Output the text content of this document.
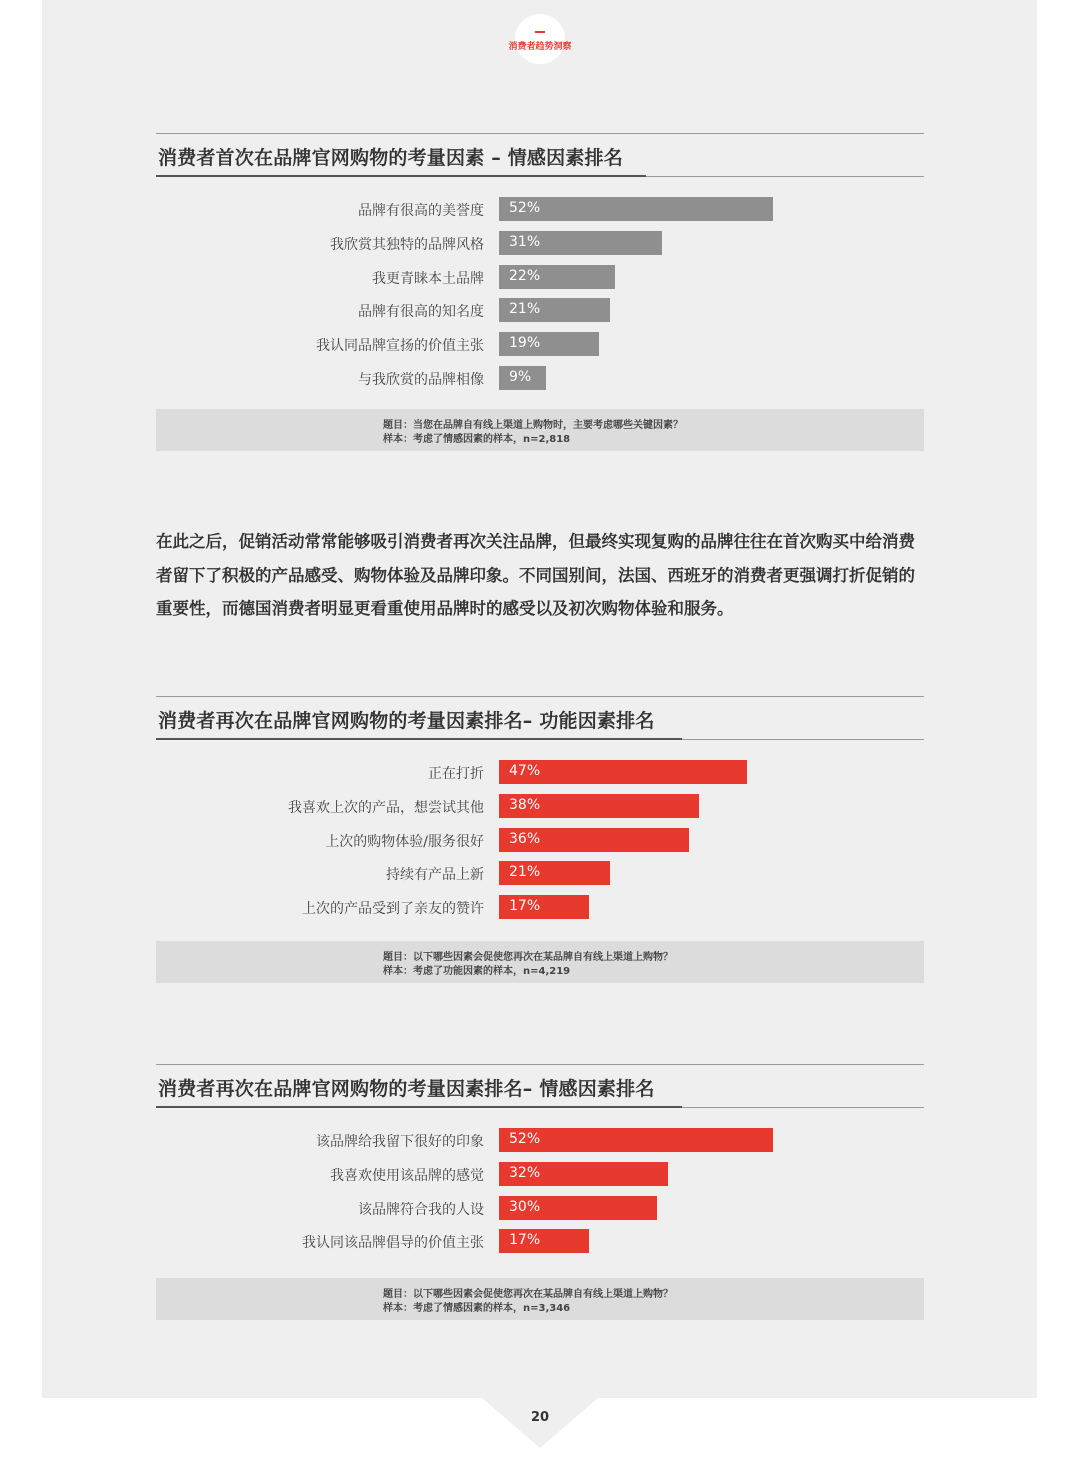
消费者趋势洞察
消费者首次在品牌官网购物的考量因素 – 情感因素排名
品牌有很高的美誉度 52%
我欣赏其独特的品牌风格 31%
我更青睐本土品牌 22%
品牌有很高的知名度 21%
我认同品牌宣扬的价值主张 19%
与我欣赏的品牌相像 9%
题目：当您在品牌自有线上渠道上购物时，主要考虑哪些关键因素？
样本：考虑了情感因素的样本，n=2,818
消费者再次在品牌官网购物的考量因素排名– 功能因素排名
正在打折 47%
我喜欢上次的产品，想尝试其他 38%
上次的购物体验/服务很好 36%
持续有产品上新 21%
上次的产品受到了亲友的赞许 17%
题目：以下哪些因素会促使您再次在某品牌自有线上渠道上购物？
样本：考虑了功能因素的样本，n=4,219
消费者再次在品牌官网购物的考量因素排名– 情感因素排名
该品牌给我留下很好的印象 52%
我喜欢使用该品牌的感觉 32%
该品牌符合我的人设 30%
我认同该品牌倡导的价值主张 17%
题目：以下哪些因素会促使您再次在某品牌自有线上渠道上购物？
样本：考虑了情感因素的样本，n=3,346
在此之后，促销活动常常能够吸引消费者再次关注品牌，但最终实现复购的品牌往往在首次购买中给消费者留下了积极的产品感受、购物体验及品牌印象。不同国别间，法国、西班牙的消费者更强调打折促销的重要性，而德国消费者明显更看重使用品牌时的感受以及初次购物体验和服务。
20
